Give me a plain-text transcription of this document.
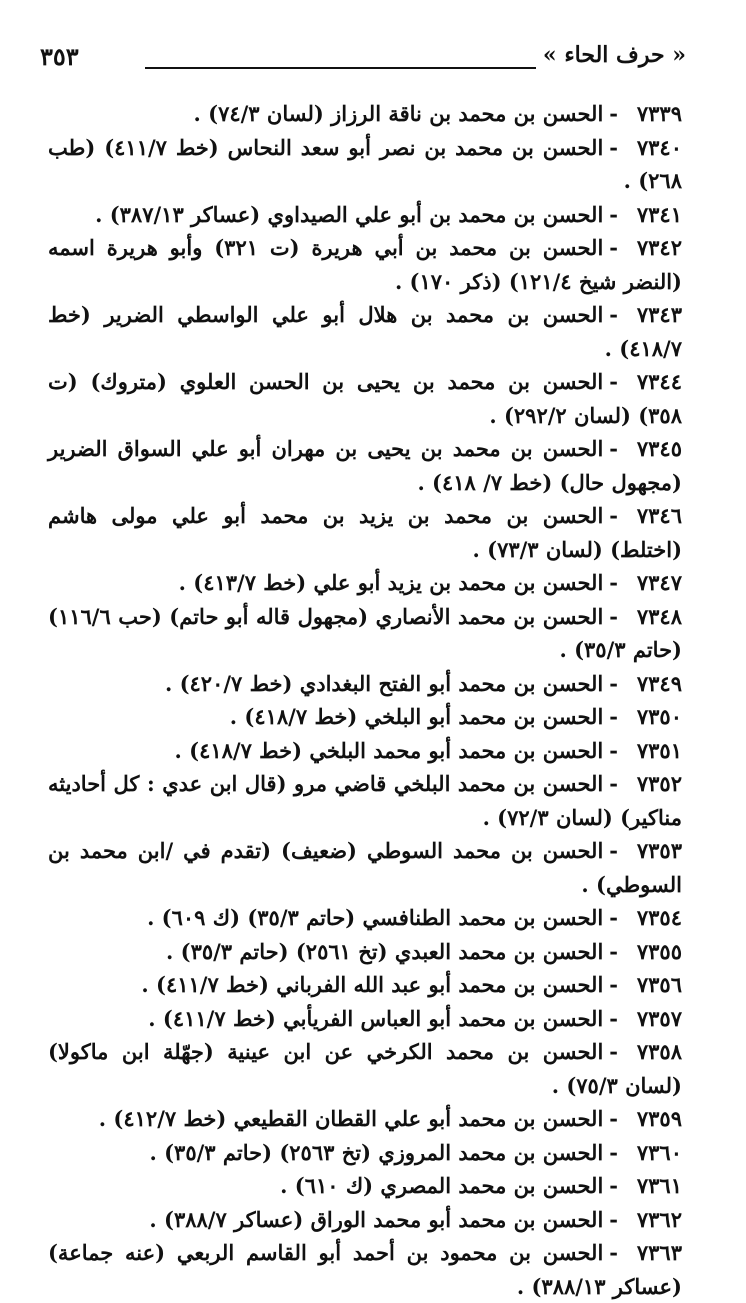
« حرف الحاء »
٣٥٣
٧٣٣٩-الحسن بن محمد بن ناقة الرزاز (لسان ٧٤/٣) .
٧٣٤٠-الحسن بن محمد بن نصر أبو سعد النحاس (خط ٤١١/٧) (طب ٢٦٨) .
٧٣٤١-الحسن بن محمد بن أبو علي الصيداوي (عساكر ٣٨٧/١٣) .
٧٣٤٢-الحسن بن محمد بن أبي هريرة (ت ٣٢١) وأبو هريرة اسمه (النضر شيخ ١٢١/٤) (ذكر ١٧٠) .
٧٣٤٣-الحسن بن محمد بن هلال أبو علي الواسطي الضرير (خط ٤١٨/٧) .
٧٣٤٤-الحسن بن محمد بن يحيى بن الحسن العلوي (متروك) (ت ٣٥٨) (لسان ٢٩٢/٢) .
٧٣٤٥-الحسن بن محمد بن يحيى بن مهران أبو علي السواق الضرير (مجهول حال) (خط ٧/ ٤١٨) .
٧٣٤٦-الحسن بن محمد بن يزيد بن محمد أبو علي مولى هاشم (اختلط) (لسان ٧٣/٣) .
٧٣٤٧-الحسن بن محمد بن يزيد أبو علي (خط ٤١٣/٧) .
٧٣٤٨-الحسن بن محمد الأنصاري (مجهول قاله أبو حاتم) (حب ١١٦/٦) (حاتم ٣٥/٣) .
٧٣٤٩-الحسن بن محمد أبو الفتح البغدادي (خط ٤٢٠/٧) .
٧٣٥٠-الحسن بن محمد أبو البلخي (خط ٤١٨/٧) .
٧٣٥١-الحسن بن محمد أبو محمد البلخي (خط ٤١٨/٧) .
٧٣٥٢-الحسن بن محمد البلخي قاضي مرو (قال ابن عدي : كل أحاديثه مناكير) (لسان ٧٢/٣) .
٧٣٥٣-الحسن بن محمد السوطي (ضعيف) (تقدم في /ابن محمد بن السوطي) .
٧٣٥٤-الحسن بن محمد الطنافسي (حاتم ٣٥/٣) (ك ٦٠٩) .
٧٣٥٥-الحسن بن محمد العبدي (تخ ٢٥٦١) (حاتم ٣٥/٣) .
٧٣٥٦-الحسن بن محمد أبو عبد الله الفرباني (خط ٤١١/٧) .
٧٣٥٧-الحسن بن محمد أبو العباس الفريأبي (خط ٤١١/٧) .
٧٣٥٨-الحسن بن محمد الكرخي عن ابن عينية (جهّلة ابن ماكولا) (لسان ٧٥/٣) .
٧٣٥٩-الحسن بن محمد أبو علي القطان القطيعي (خط ٤١٢/٧) .
٧٣٦٠-الحسن بن محمد المروزي (تخ ٢٥٦٣) (حاتم ٣٥/٣) .
٧٣٦١-الحسن بن محمد المصري (ك ٦١٠) .
٧٣٦٢-الحسن بن محمد أبو محمد الوراق (عساكر ٣٨٨/٧) .
٧٣٦٣-الحسن بن محمود بن أحمد أبو القاسم الربعي (عنه جماعة) (عساكر ٣٨٨/١٣) .
